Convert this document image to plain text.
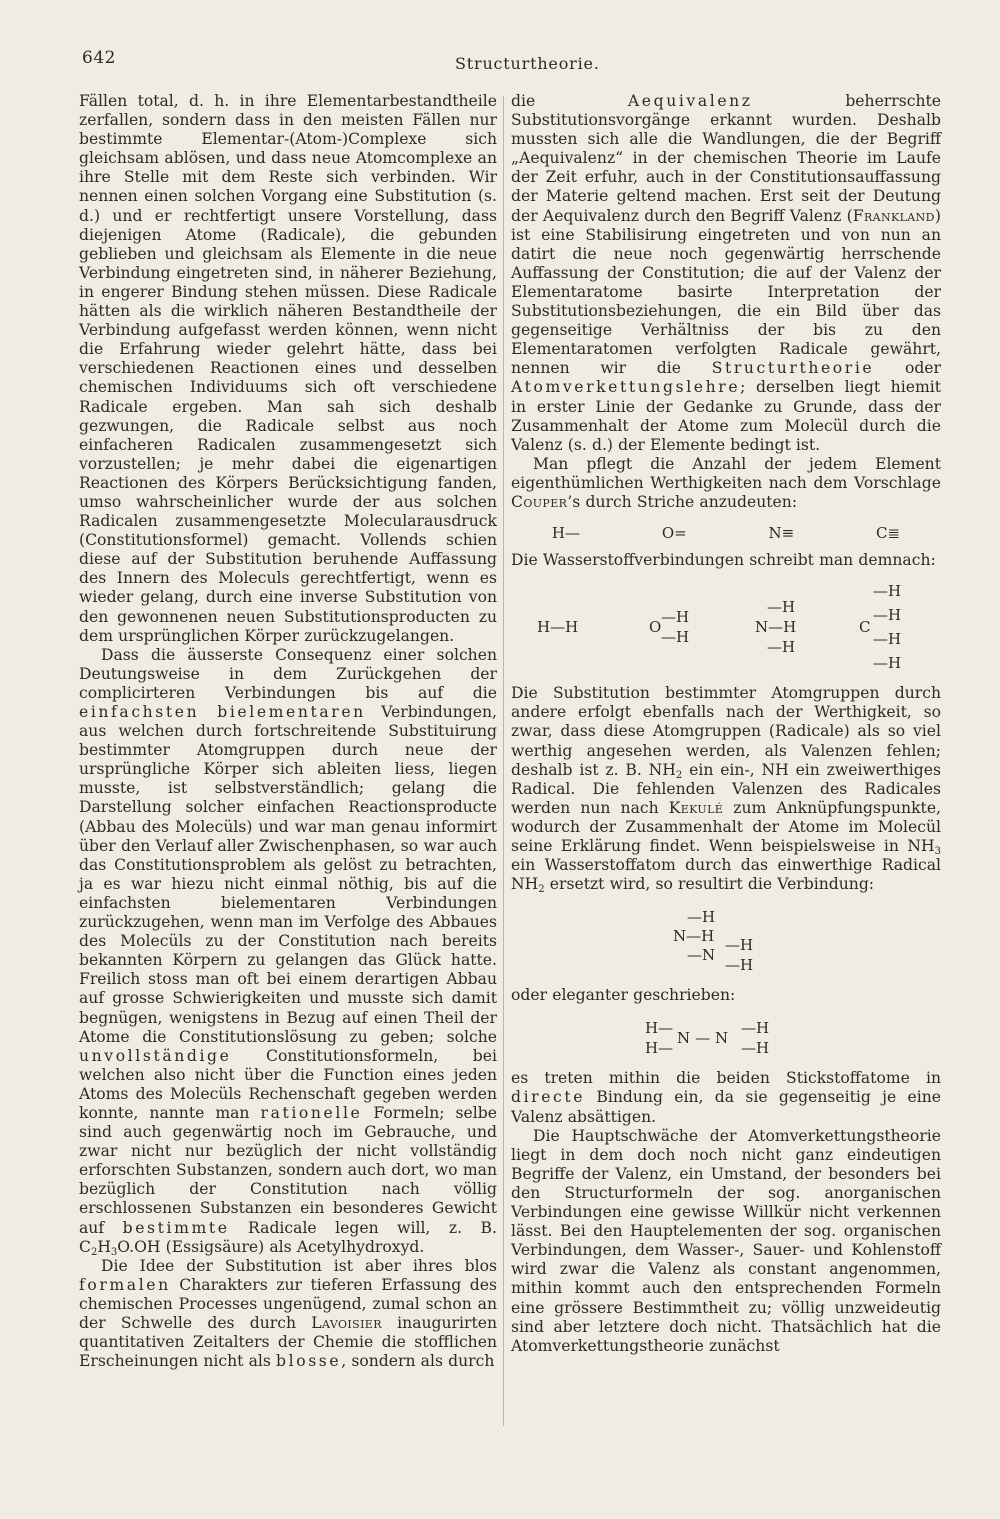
642	Structurtheorie.

Fällen total, d. h. in ihre Elementarbestandtheile zerfallen, sondern dass in den meisten Fällen nur bestimmte Elementar-(Atom-)Complexe sich gleichsam ablösen, und dass neue Atomcomplexe an ihre Stelle mit dem Reste sich verbinden. Wir nennen einen solchen Vorgang eine Substitution (s. d.) und er rechtfertigt unsere Vorstellung, dass diejenigen Atome (Radicale), die gebunden geblieben und gleichsam als Elemente in die neue Verbindung eingetreten sind, in näherer Beziehung, in engerer Bindung stehen müssen. Diese Radicale hätten als die wirklich näheren Bestandtheile der Verbindung aufgefasst werden können, wenn nicht die Erfahrung wieder gelehrt hätte, dass bei verschiedenen Reactionen eines und desselben chemischen Individuums sich oft verschiedene Radicale ergeben. Man sah sich deshalb gezwungen, die Radicale selbst aus noch einfacheren Radicalen zusammengesetzt sich vorzustellen; je mehr dabei die eigenartigen Reactionen des Körpers Berücksichtigung fanden, umso wahrscheinlicher wurde der aus solchen Radicalen zusammengesetzte Molecularausdruck (Constitutionsformel) gemacht. Vollends schien diese auf der Substitution beruhende Auffassung des Innern des Moleculs gerechtfertigt, wenn es wieder gelang, durch eine inverse Substitution von den gewonnenen neuen Substitutionsproducten zu dem ursprünglichen Körper zurückzugelangen.

Dass die äusserste Consequenz einer solchen Deutungsweise in dem Zurückgehen der complicirteren Verbindungen bis auf die einfachsten bielementaren Verbindungen, aus welchen durch fortschreitende Substituirung bestimmter Atomgruppen durch neue der ursprüngliche Körper sich ableiten liess, liegen musste, ist selbstverständlich; gelang die Darstellung solcher einfachen Reactionsproducte (Abbau des Molecüls) und war man genau informirt über den Verlauf aller Zwischenphasen, so war auch das Constitutionsproblem als gelöst zu betrachten, ja es war hiezu nicht einmal nöthig, bis auf die einfachsten bielementaren Verbindungen zurückzugehen, wenn man im Verfolge des Abbaues des Molecüls zu der Constitution nach bereits bekannten Körpern zu gelangen das Glück hatte. Freilich stoss man oft bei einem derartigen Abbau auf grosse Schwierigkeiten und musste sich damit begnügen, wenigstens in Bezug auf einen Theil der Atome die Constitutionslösung zu geben; solche unvollständige Constitutionsformeln, bei welchen also nicht über die Function eines jeden Atoms des Molecüls Rechenschaft gegeben werden konnte, nannte man rationelle Formeln; selbe sind auch gegenwärtig noch im Gebrauche, und zwar nicht nur bezüglich der nicht vollständig erforschten Substanzen, sondern auch dort, wo man bezüglich der Constitution nach völlig erschlossenen Substanzen ein besonderes Gewicht auf bestimmte Radicale legen will, z. B. $C_2H_3O.OH$ (Essigsäure) als Acetylhydroxyd.

Die Idee der Substitution ist aber ihres blos formalen Charakters zur tieferen Erfassung des chemischen Processes ungenügend, zumal schon an der Schwelle des durch Lavoisier inaugurirten quantitativen Zeitalters der Chemie die stofflichen Erscheinungen nicht als blosse, sondern als durch

die Aequivalenz beherrschte Substitutionsvorgänge erkannt wurden. Deshalb mussten sich alle die Wandlungen, die der Begriff „Aequivalenz“ in der chemischen Theorie im Laufe der Zeit erfuhr, auch in der Constitutionsauffassung der Materie geltend machen. Erst seit der Deutung der Aequivalenz durch den Begriff Valenz (Frankland) ist eine Stabilisirung eingetreten und von nun an datirt die neue noch gegenwärtig herrschende Auffassung der Constitution; die auf der Valenz der Elementaratome basirte Interpretation der Substitutionsbeziehungen, die ein Bild über das gegenseitige Verhältniss der bis zu den Elementaratomen verfolgten Radicale gewährt, nennen wir die Structurtheorie oder Atomverkettungslehre; derselben liegt hiemit in erster Linie der Gedanke zu Grunde, dass der Zusammenhalt der Atome zum Molecül durch die Valenz (s. d.) der Elemente bedingt ist.

Man pflegt die Anzahl der jedem Element eigenthümlichen Werthigkeiten nach dem Vorschlage Couper’s durch Striche anzudeuten:

H—	O=	N≡	C≣

Die Wasserstoffverbindungen schreibt man demnach:

H—H	O
—H
—H
—H
N—H
—H
—H
C
—H
—H
—H

Die Substitution bestimmter Atomgruppen durch andere erfolgt ebenfalls nach der Werthigkeit, so zwar, dass diese Atomgruppen (Radicale) als so viel werthig angesehen werden, als Valenzen fehlen; deshalb ist z. B. $NH_2$ ein ein-, NH ein zweiwerthiges Radical. Die fehlenden Valenzen des Radicales werden nun nach Kekulé zum Anknüpfungspunkte, wodurch der Zusammenhalt der Atome im Molecül seine Erklärung findet. Wenn beispielsweise in $NH_3$ ein Wasserstoffatom durch das einwerthige Radical $NH_2$ ersetzt wird, so resultirt die Verbindung:

—H
N—H
—N
—H
—H

oder eleganter geschrieben:

H—
H—
N — N
—H
—H

es treten mithin die beiden Stickstoffatome in directe Bindung ein, da sie gegenseitig je eine Valenz absättigen.

Die Hauptschwäche der Atomverkettungstheorie liegt in dem doch noch nicht ganz eindeutigen Begriffe der Valenz, ein Umstand, der besonders bei den Structurformeln der sog. anorganischen Verbindungen eine gewisse Willkür nicht verkennen lässt. Bei den Hauptelementen der sog. organischen Verbindungen, dem Wasser-, Sauer- und Kohlenstoff wird zwar die Valenz als constant angenommen, mithin kommt auch den entsprechenden Formeln eine grössere Bestimmtheit zu; völlig unzweideutig sind aber letztere doch nicht. Thatsächlich hat die Atomverkettungstheorie zunächst
